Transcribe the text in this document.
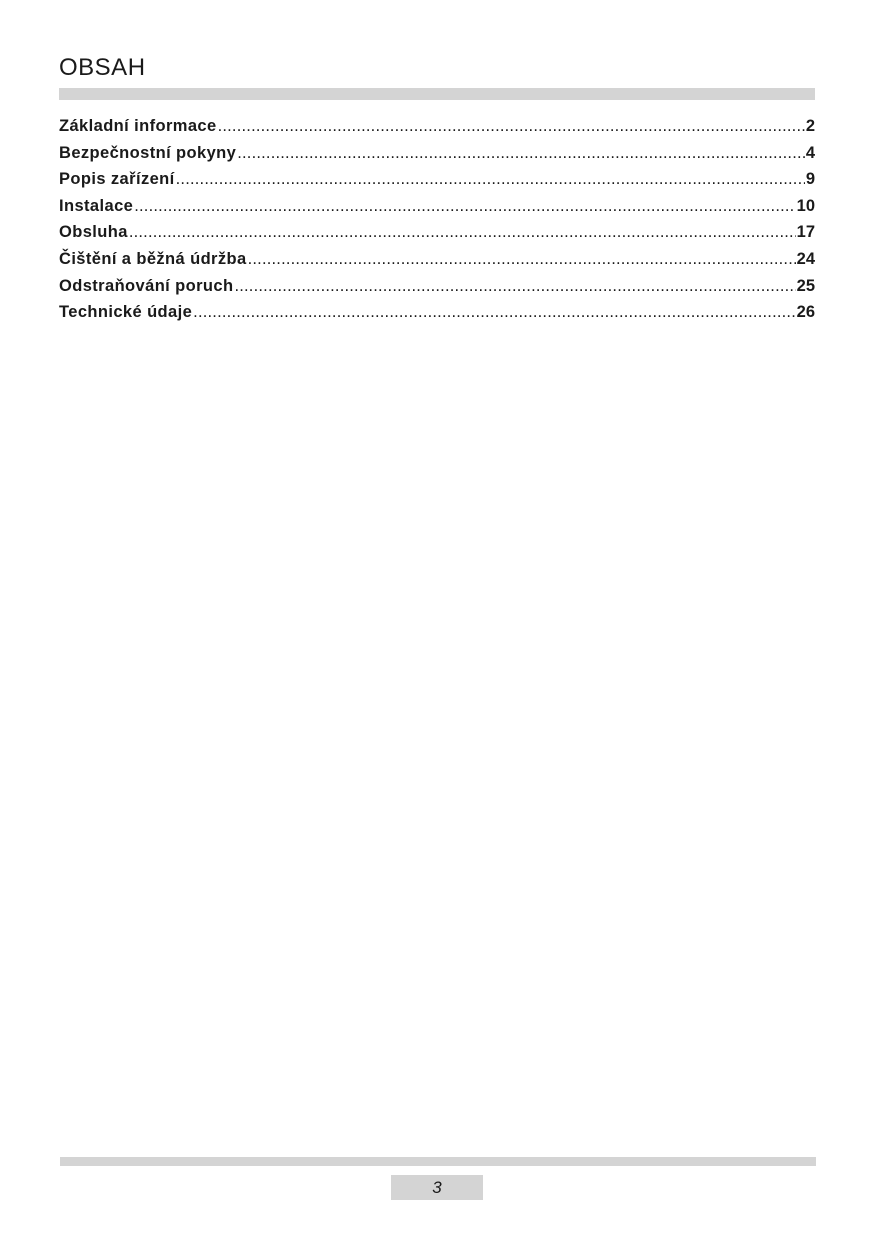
OBSAH
Základní informace .....	2
Bezpečnostní pokyny .....	4
Popis zařízení .....	9
Instalace .....	10
Obsluha .....	17
Čištění a běžná údržba .....	24
Odstraňování poruch .....	25
Technické údaje .....	26
3
